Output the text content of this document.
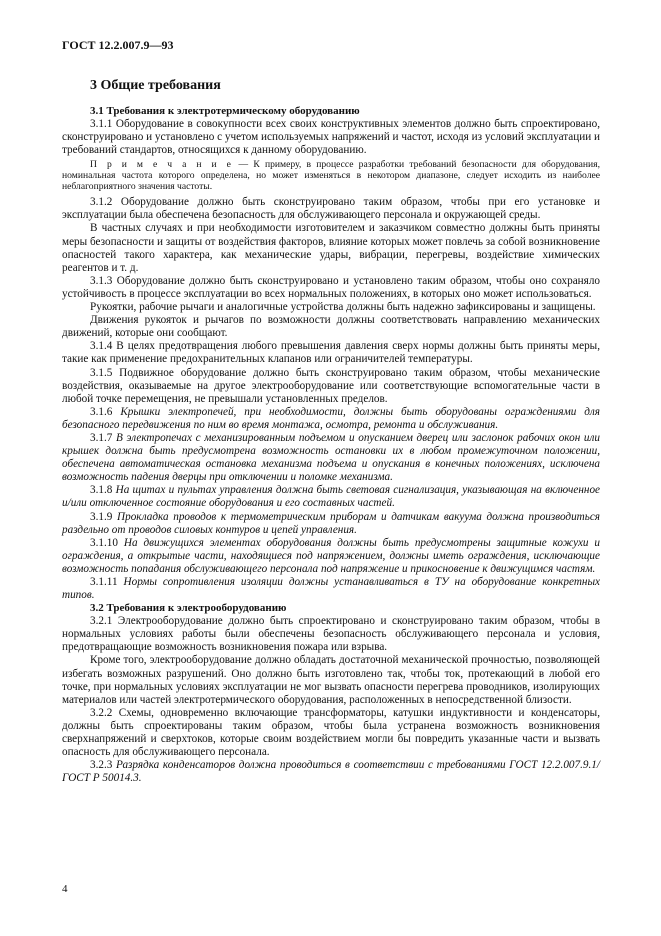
ГОСТ 12.2.007.9—93
3 Общие требования
3.1 Требования к электротермическому оборудованию

3.1.1 Оборудование в совокупности всех своих конструктивных элементов должно быть спроектировано, сконструировано и установлено с учетом используемых напряжений и частот, исходя из условий эксплуатации и требований стандартов, относящихся к данному оборудованию.

П р и м е ч а н и е — К примеру, в процессе разработки требований безопасности для оборудования, номинальная частота которого определена, но может изменяться в некотором диапазоне, следует исходить из наиболее неблагоприятного значения частоты.

3.1.2 Оборудование должно быть сконструировано таким образом, чтобы при его установке и эксплуатации была обеспечена безопасность для обслуживающего персонала и окружающей среды.

В частных случаях и при необходимости изготовителем и заказчиком совместно должны быть приняты меры безопасности и защиты от воздействия факторов, влияние которых может повлечь за собой возникновение опасностей такого характера, как механические удары, вибрации, перегревы, воздействие химических реагентов и т. д.

3.1.3 Оборудование должно быть сконструировано и установлено таким образом, чтобы оно сохраняло устойчивость в процессе эксплуатации во всех нормальных положениях, в которых оно может использоваться.

Рукоятки, рабочие рычаги и аналогичные устройства должны быть надежно зафиксированы и защищены.

Движения рукояток и рычагов по возможности должны соответствовать направлению механических движений, которые они сообщают.

3.1.4 В целях предотвращения любого превышения давления сверх нормы должны быть приняты меры, такие как применение предохранительных клапанов или ограничителей температуры.

3.1.5 Подвижное оборудование должно быть сконструировано таким образом, чтобы механические воздействия, оказываемые на другое электрооборудование или соответствующие вспомогательные части в любой точке перемещения, не превышали установленных пределов.

3.1.6 Крышки электропечей, при необходимости, должны быть оборудованы ограждениями для безопасного передвижения по ним во время монтажа, осмотра, ремонта и обслуживания.

3.1.7 В электропечах с механизированным подъемом и опусканием дверец или заслонок рабочих окон или крышек должна быть предусмотрена возможность остановки их в любом промежуточном положении, обеспечена автоматическая остановка механизма подъема и опускания в конечных положениях, исключена возможность падения дверцы при отключении и поломке механизма.

3.1.8 На щитах и пультах управления должна быть световая сигнализация, указывающая на включенное и/или отключенное состояние оборудования и его составных частей.

3.1.9 Прокладка проводов к термометрическим приборам и датчикам вакуума должна производиться раздельно от проводов силовых контуров и цепей управления.

3.1.10 На движущихся элементах оборудования должны быть предусмотрены защитные кожухи и ограждения, а открытые части, находящиеся под напряжением, должны иметь ограждения, исключающие возможность попадания обслуживающего персонала под напряжение и прикосновение к движущимся частям.

3.1.11 Нормы сопротивления изоляции должны устанавливаться в ТУ на оборудование конкретных типов.

3.2 Требования к электрооборудованию

3.2.1 Электрооборудование должно быть спроектировано и сконструировано таким образом, чтобы в нормальных условиях работы были обеспечены безопасность обслуживающего персонала и условия, предотвращающие возможность возникновения пожара или взрыва.

Кроме того, электрооборудование должно обладать достаточной механической прочностью, позволяющей избегать возможных разрушений. Оно должно быть изготовлено так, чтобы ток, протекающий в любой его точке, при нормальных условиях эксплуатации не мог вызвать опасности перегрева проводников, изолирующих материалов или частей электротермического оборудования, расположенных в непосредственной близости.

3.2.2 Схемы, одновременно включающие трансформаторы, катушки индуктивности и конденсаторы, должны быть спроектированы таким образом, чтобы была устранена возможность возникновения сверхнапряжений и сверхтоков, которые своим воздействием могли бы повредить указанные части и вызвать опасность для обслуживающего персонала.

3.2.3 Разрядка конденсаторов должна проводиться в соответствии с требованиями ГОСТ 12.2.007.9.1/ГОСТ Р 50014.3.

4
